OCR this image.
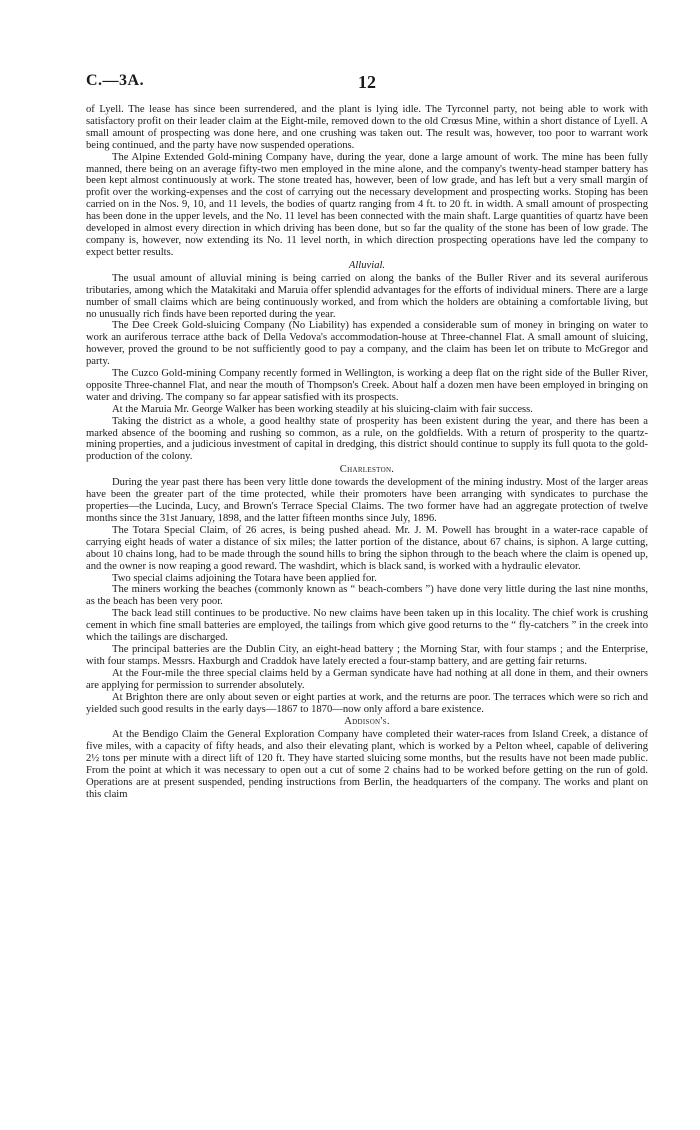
C.—3A.	12

of Lyell. The lease has since been surrendered, and the plant is lying idle. The Tyrconnel party, not being able to work with satisfactory profit on their leader claim at the Eight-mile, removed down to the old Crœsus Mine, within a short distance of Lyell. A small amount of prospecting was done here, and one crushing was taken out. The result was, however, too poor to warrant work being continued, and the party have now suspended operations.

The Alpine Extended Gold-mining Company have, during the year, done a large amount of work. The mine has been fully manned, there being on an average fifty-two men employed in the mine alone, and the company's twenty-head stamper battery has been kept almost continuously at work. The stone treated has, however, been of low grade, and has left but a very small margin of profit over the working-expenses and the cost of carrying out the necessary development and prospecting works. Stoping has been carried on in the Nos. 9, 10, and 11 levels, the bodies of quartz ranging from 4 ft. to 20 ft. in width. A small amount of prospecting has been done in the upper levels, and the No. 11 level has been connected with the main shaft. Large quantities of quartz have been developed in almost every direction in which driving has been done, but so far the quality of the stone has been of low grade. The company is, however, now extending its No. 11 level north, in which direction prospecting operations have led the company to expect better results.

Alluvial.

The usual amount of alluvial mining is being carried on along the banks of the Buller River and its several auriferous tributaries, among which the Matakitaki and Maruia offer splendid advantages for the efforts of individual miners. There are a large number of small claims which are being continuously worked, and from which the holders are obtaining a comfortable living, but no unusually rich finds have been reported during the year.

The Dee Creek Gold-sluicing Company (No Liability) has expended a considerable sum of money in bringing on water to work an auriferous terrace atthe back of Della Vedova's accommodation-house at Three-channel Flat. A small amount of sluicing, however, proved the ground to be not sufficiently good to pay a company, and the claim has been let on tribute to McGregor and party.

The Cuzco Gold-mining Company recently formed in Wellington, is working a deep flat on the right side of the Buller River, opposite Three-channel Flat, and near the mouth of Thompson's Creek. About half a dozen men have been employed in bringing on water and driving. The company so far appear satisfied with its prospects.

At the Maruia Mr. George Walker has been working steadily at his sluicing-claim with fair success.

Taking the district as a whole, a good healthy state of prosperity has been existent during the year, and there has been a marked absence of the booming and rushing so common, as a rule, on the goldfields. With a return of prosperity to the quartz-mining properties, and a judicious investment of capital in dredging, this district should continue to supply its full quota to the gold-production of the colony.

Charleston.

During the year past there has been very little done towards the development of the mining industry. Most of the larger areas have been the greater part of the time protected, while their promoters have been arranging with syndicates to purchase the properties—the Lucinda, Lucy, and Brown's Terrace Special Claims. The two former have had an aggregate protection of twelve months since the 31st January, 1898, and the latter fifteen months since July, 1896.

The Totara Special Claim, of 26 acres, is being pushed ahead. Mr. J. M. Powell has brought in a water-race capable of carrying eight heads of water a distance of six miles; the latter portion of the distance, about 67 chains, is siphon. A large cutting, about 10 chains long, had to be made through the sound hills to bring the siphon through to the beach where the claim is opened up, and the owner is now reaping a good reward. The washdirt, which is black sand, is worked with a hydraulic elevator.

Two special claims adjoining the Totara have been applied for.

The miners working the beaches (commonly known as “ beach-combers ”) have done very little during the last nine months, as the beach has been very poor.

The back lead still continues to be productive. No new claims have been taken up in this locality. The chief work is crushing cement in which fine small batteries are employed, the tailings from which give good returns to the “ fly-catchers ” in the creek into which the tailings are discharged.

The principal batteries are the Dublin City, an eight-head battery ; the Morning Star, with four stamps ; and the Enterprise, with four stamps. Messrs. Haxburgh and Craddok have lately erected a four-stamp battery, and are getting fair returns.

At the Four-mile the three special claims held by a German syndicate have had nothing at all done in them, and their owners are applying for permission to surrender absolutely.

At Brighton there are only about seven or eight parties at work, and the returns are poor. The terraces which were so rich and yielded such good results in the early days—1867 to 1870—now only afford a bare existence.

Addison's.

At the Bendigo Claim the General Exploration Company have completed their water-races from Island Creek, a distance of five miles, with a capacity of fifty heads, and also their elevating plant, which is worked by a Pelton wheel, capable of delivering 2½ tons per minute with a direct lift of 120 ft. They have started sluicing some months, but the results have not been made public. From the point at which it was necessary to open out a cut of some 2 chains had to be worked before getting on the run of gold. Operations are at present suspended, pending instructions from Berlin, the headquarters of the company. The works and plant on this claim
